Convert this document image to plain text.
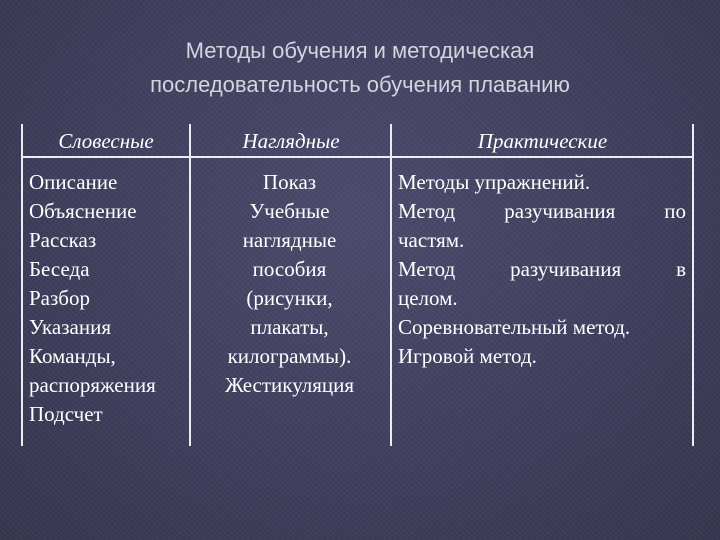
Методы обучения и методическая
последовательность обучения плаванию
Словесные	Наглядные	Практические
Описание
Объяснение
Рассказ
Беседа
Разбор
Указания
Команды,
распоряжения
Подсчет
Показ
Учебные
наглядные
пособия
(рисунки,
плакаты,
килограммы).
Жестикуляция
Методы упражнений.
Метод разучивания по
частям.
Метод разучивания в
целом.
Соревновательный метод.
Игровой метод.
